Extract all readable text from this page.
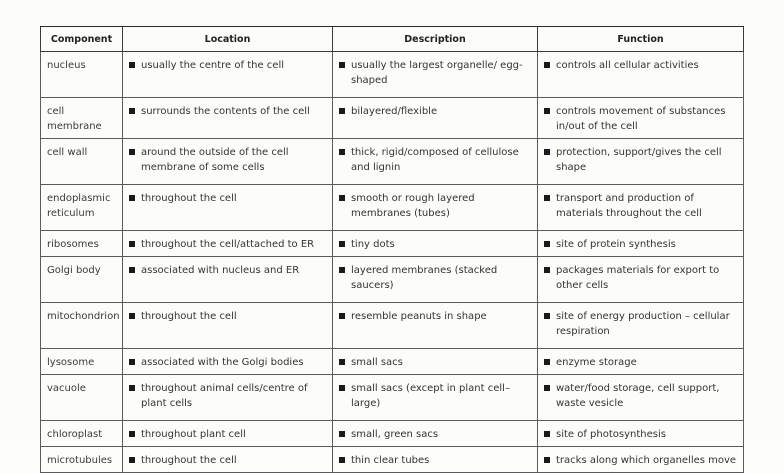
Component	Location	Description	Function
nucleus	usually the centre of the cell	usually the largest organelle/ egg-shaped	controls all cellular activities

cell membrane	surrounds the contents of the cell	bilayered/flexible	controls movement of substances in/out of the cell

cell wall	around the outside of the cell membrane of some cells	thick, rigid/composed of cellulose and lignin	protection, support/gives the cell shape

endoplasmic reticulum	throughout the cell	smooth or rough layered membranes (tubes)	transport and production of materials throughout the cell

ribosomes	throughout the cell/attached to ER	tiny dots	site of protein synthesis

Golgi body	associated with nucleus and ER	layered membranes (stacked saucers)	packages materials for export to other cells

mitochondrion	throughout the cell	resemble peanuts in shape	site of energy production – cellular respiration

lysosome	associated with the Golgi bodies	small sacs	enzyme storage

vacuole	throughout animal cells/centre of plant cells	small sacs (except in plant cell–large)	water/food storage, cell support, waste vesicle

chloroplast	throughout plant cell	small, green sacs	site of photosynthesis

microtubules	throughout the cell	thin clear tubes	tracks along which organelles move
